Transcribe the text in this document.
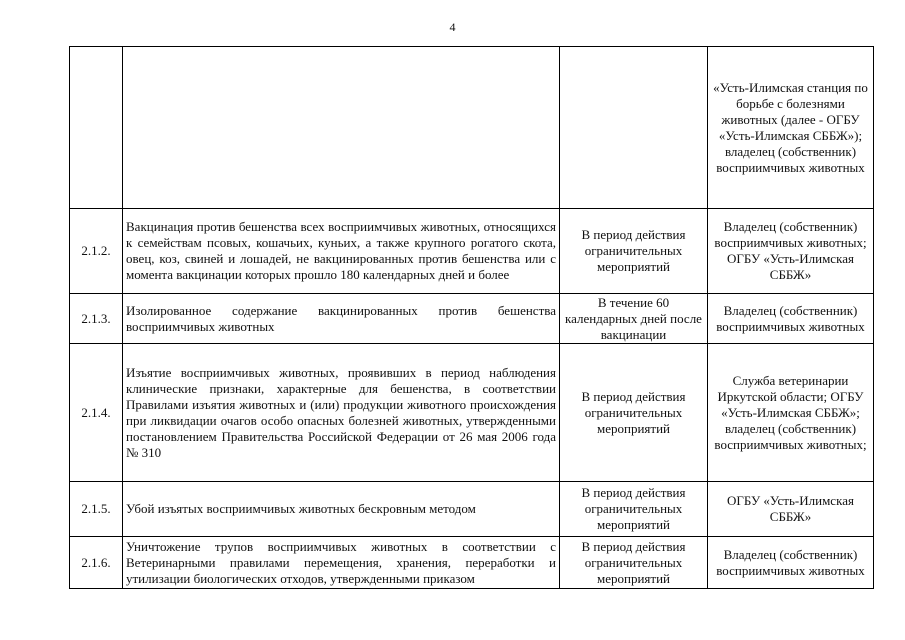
4
			«Усть-Илимская станция по борьбе с болезнями животных (далее - ОГБУ «Усть-Илимская СББЖ»); владелец (собственник) восприимчивых животных
2.1.2.	Вакцинация против бешенства всех восприимчивых животных, относящихся к семействам псовых, кошачьих, куньих, а также крупного рогатого скота, овец, коз, свиней и лошадей, не вакцинированных против бешенства или с момента вакцинации которых прошло 180 календарных дней и более	В период действия ограничительных мероприятий	Владелец (собственник) восприимчивых животных; ОГБУ «Усть-Илимская СББЖ»
2.1.3.	Изолированное содержание вакцинированных против бешенства восприимчивых животных	В течение 60 календарных дней после вакцинации	Владелец (собственник) восприимчивых животных
2.1.4.	Изъятие восприимчивых животных, проявивших в период наблюдения клинические признаки, характерные для бешенства, в соответствии Правилами изъятия животных и (или) продукции животного происхождения при ликвидации очагов особо опасных болезней животных, утвержденными постановлением Правительства Российской Федерации от 26 мая 2006 года № 310	В период действия ограничительных мероприятий	Служба ветеринарии Иркутской области; ОГБУ «Усть-Илимская СББЖ»; владелец (собственник) восприимчивых животных;
2.1.5.	Убой изъятых восприимчивых животных бескровным методом	В период действия ограничительных мероприятий	ОГБУ «Усть-Илимская СББЖ»
2.1.6.	Уничтожение трупов восприимчивых животных в соответствии с Ветеринарными правилами перемещения, хранения, переработки и утилизации биологических отходов, утвержденными приказом	В период действия ограничительных мероприятий	Владелец (собственник) восприимчивых животных
